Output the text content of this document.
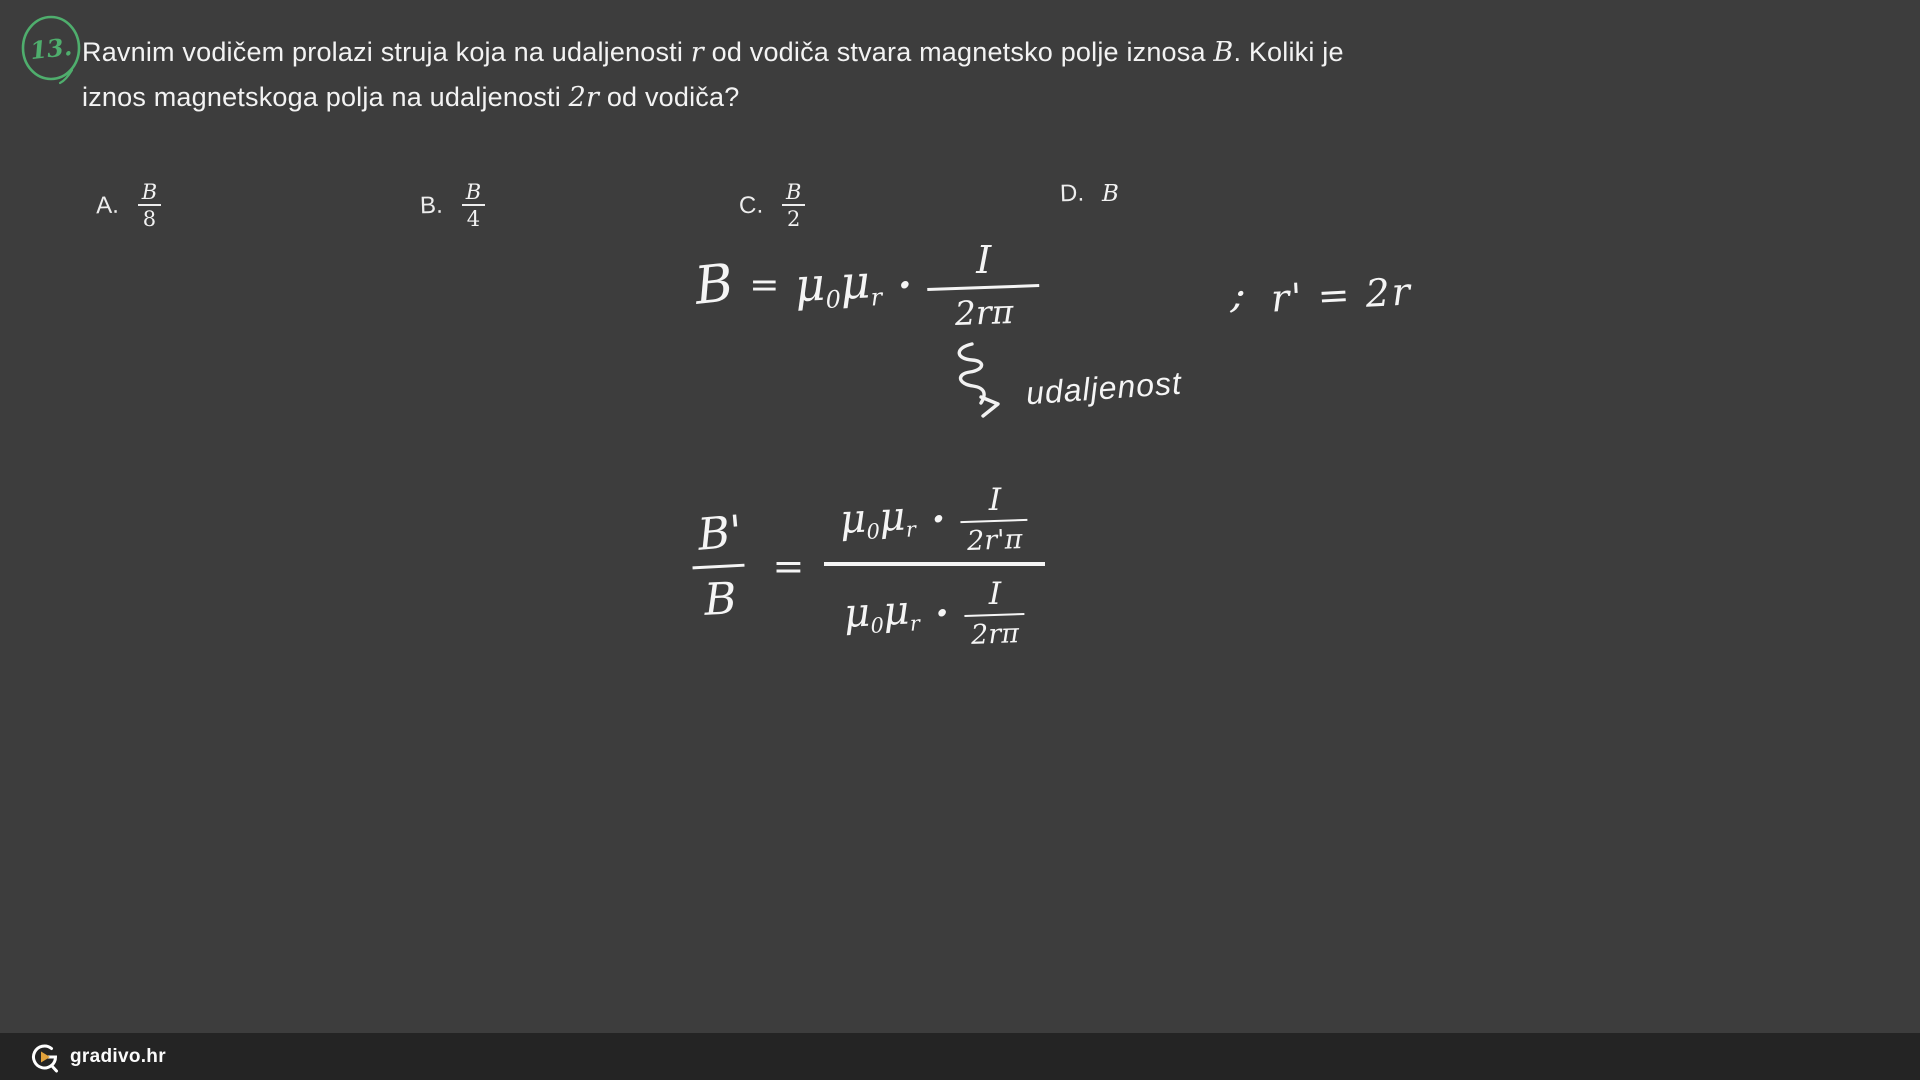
13. Ravnim vodičem prolazi struja koja na udaljenosti r od vodiča stvara magnetsko polje iznosa B. Koliki je
iznos magnetskoga polja na udaljenosti 2r od vodiča?
A. $\frac{B}{8}$	B. $\frac{B}{4}$	C. $\frac{B}{2}$	D. B
$B = \mu_0\mu_r \cdot \frac{I}{2r\pi}$	; r' = 2r
udaljenost
$\frac{B'}{B} = \frac{\mu_0\mu_r \cdot \frac{I}{2r'\pi}}{\mu_0\mu_r \cdot \frac{I}{2r\pi}}$
gradivo.hr
